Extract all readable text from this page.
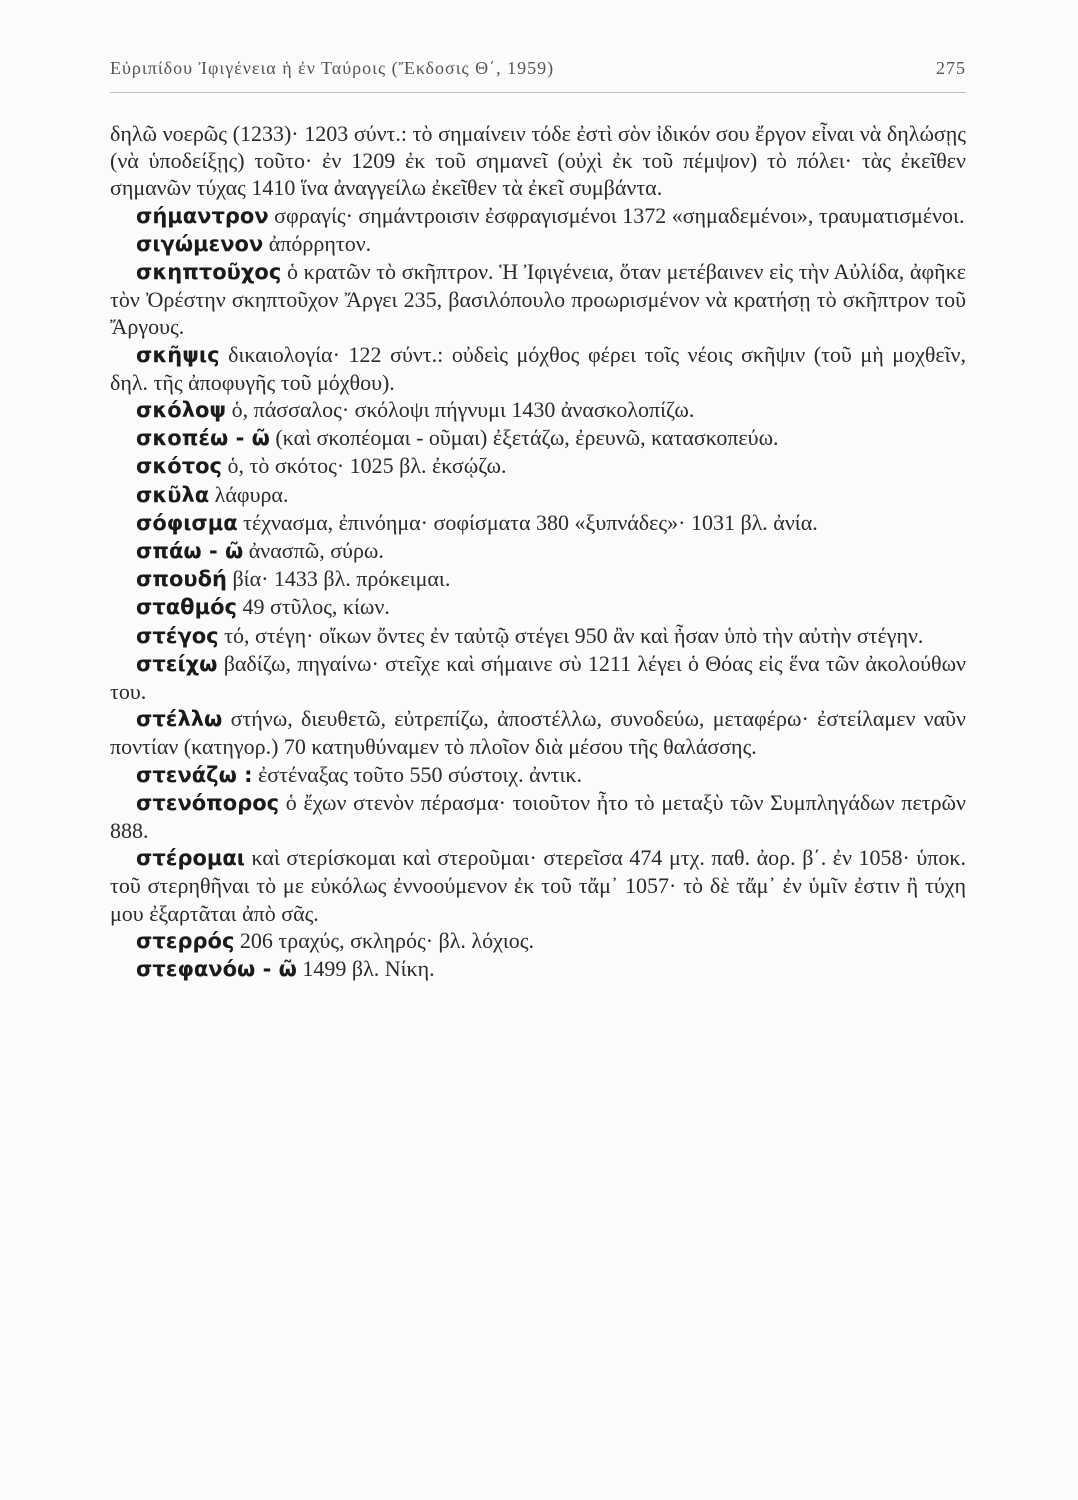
Εὐριπίδου Ἰφιγένεια ἡ ἐν Ταύροις (Ἔκδοσις Θ΄, 1959)	275

δηλῶ νοερῶς (1233)· 1203 σύντ.: τὸ σημαίνειν τόδε ἐστὶ σὸν ἰδικόν σου ἔργον εἶναι νὰ δηλώσῃς (νὰ ὑποδείξῃς) τοῦτο· ἐν 1209 ἐκ τοῦ σημανεῖ (οὐχὶ ἐκ τοῦ πέμψον) τὸ πόλει· τὰς ἐκεῖθεν σημανῶν τύχας 1410 ἵνα ἀναγγείλω ἐκεῖθεν τὰ ἐκεῖ συμβάντα.

σήμαντρον σφραγίς· σημάντροισιν ἐσφραγισμένοι 1372 «σημαδεμένοι», τραυματισμένοι.

σιγώμενον ἀπόρρητον.

σκηπτοῦχος ὁ κρατῶν τὸ σκῆπτρον. Ἡ Ἰφιγένεια, ὅταν μετέβαινεν εἰς τὴν Αὐλίδα, ἀφῆκε τὸν Ὀρέστην σκηπτοῦχον Ἄργει 235, βασιλόπουλο προωρισμένον νὰ κρατήσῃ τὸ σκῆπτρον τοῦ Ἄργους.

σκῆψις δικαιολογία· 122 σύντ.: οὐδεὶς μόχθος φέρει τοῖς νέοις σκῆψιν (τοῦ μὴ μοχθεῖν, δηλ. τῆς ἀποφυγῆς τοῦ μόχθου).

σκόλοψ ὁ, πάσσαλος· σκόλοψι πήγνυμι 1430 ἀνασκολοπίζω.

σκοπέω - ῶ (καὶ σκοπέομαι - οῦμαι) ἐξετάζω, ἐρευνῶ, κατασκοπεύω.

σκότος ὁ, τὸ σκότος· 1025 βλ. ἐκσῴζω.

σκῦλα λάφυρα.

σόφισμα τέχνασμα, ἐπινόημα· σοφίσματα 380 «ξυπνάδες»· 1031 βλ. ἀνία.

σπάω - ῶ ἀνασπῶ, σύρω.

σπουδή βία· 1433 βλ. πρόκειμαι.

σταθμός 49 στῦλος, κίων.

στέγος τό, στέγη· οἴκων ὄντες ἐν ταὐτῷ στέγει 950 ἂν καὶ ἦσαν ὑπὸ τὴν αὐτὴν στέγην.

στείχω βαδίζω, πηγαίνω· στεῖχε καὶ σήμαινε σὺ 1211 λέγει ὁ Θόας εἰς ἕνα τῶν ἀκολούθων του.

στέλλω στήνω, διευθετῶ, εὐτρεπίζω, ἀποστέλλω, συνοδεύω, μεταφέρω· ἐστείλαμεν ναῦν ποντίαν (κατηγορ.) 70 κατηυθύναμεν τὸ πλοῖον διὰ μέσου τῆς θαλάσσης.

στενάζω : ἐστέναξας τοῦτο 550 σύστοιχ. ἀντικ.

στενόπορος ὁ ἔχων στενὸν πέρασμα· τοιοῦτον ἦτο τὸ μεταξὺ τῶν Συμπληγάδων πετρῶν 888.

στέρομαι καὶ στερίσκομαι καὶ στεροῦμαι· στερεῖσα 474 μτχ. παθ. ἀορ. β΄. ἐν 1058· ὑποκ. τοῦ στερηθῆναι τὸ με εὐκόλως ἐννοούμενον ἐκ τοῦ τἄμ᾽ 1057· τὸ δὲ τἄμ᾽ ἐν ὑμῖν ἐστιν ἢ τύχη μου ἐξαρτᾶται ἀπὸ σᾶς.

στερρός 206 τραχύς, σκληρός· βλ. λόχιος.

στεφανόω - ῶ 1499 βλ. Νίκη.
